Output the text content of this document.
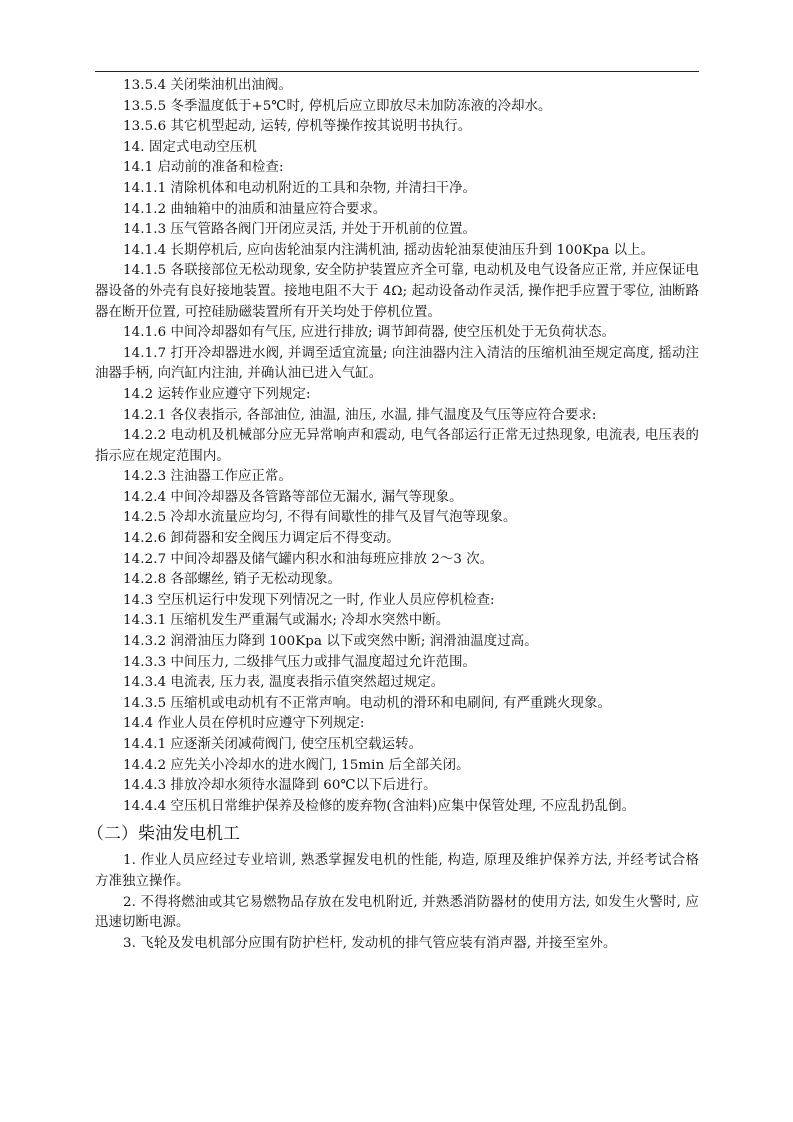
13.5.4 关闭柴油机出油阀。

13.5.5 冬季温度低于+5℃时, 停机后应立即放尽未加防冻液的冷却水。

13.5.6 其它机型起动, 运转, 停机等操作按其说明书执行。

14. 固定式电动空压机

14.1 启动前的准备和检查:

14.1.1 清除机体和电动机附近的工具和杂物, 并清扫干净。

14.1.2 曲轴箱中的油质和油量应符合要求。

14.1.3 压气管路各阀门开闭应灵活, 并处于开机前的位置。

14.1.4 长期停机后, 应向齿轮油泵内注满机油, 摇动齿轮油泵使油压升到 100Kpa 以上。

14.1.5 各联接部位无松动现象, 安全防护装置应齐全可靠, 电动机及电气设备应正常, 并应保证电器设备的外壳有良好接地装置。接地电阻不大于 4Ω; 起动设备动作灵活, 操作把手应置于零位, 油断路器在断开位置, 可控硅励磁装置所有开关均处于停机位置。

14.1.6 中间冷却器如有气压, 应进行排放; 调节卸荷器, 使空压机处于无负荷状态。

14.1.7 打开冷却器进水阀, 并调至适宜流量; 向注油器内注入清洁的压缩机油至规定高度, 摇动注油器手柄, 向汽缸内注油, 并确认油已进入气缸。

14.2 运转作业应遵守下列规定:

14.2.1 各仪表指示, 各部油位, 油温, 油压, 水温, 排气温度及气压等应符合要求:

14.2.2 电动机及机械部分应无异常响声和震动, 电气各部运行正常无过热现象, 电流表, 电压表的指示应在规定范围内。

14.2.3 注油器工作应正常。

14.2.4 中间冷却器及各管路等部位无漏水, 漏气等现象。

14.2.5 冷却水流量应均匀, 不得有间歇性的排气及冒气泡等现象。

14.2.6 卸荷器和安全阀压力调定后不得变动。

14.2.7 中间冷却器及储气罐内积水和油每班应排放 2～3 次。

14.2.8 各部螺丝, 销子无松动现象。

14.3 空压机运行中发现下列情况之一时, 作业人员应停机检查:

14.3.1 压缩机发生严重漏气或漏水; 冷却水突然中断。

14.3.2 润滑油压力降到 100Kpa 以下或突然中断; 润滑油温度过高。

14.3.3 中间压力, 二级排气压力或排气温度超过允许范围。

14.3.4 电流表, 压力表, 温度表指示值突然超过规定。

14.3.5 压缩机或电动机有不正常声响。电动机的滑环和电刷间, 有严重跳火现象。

14.4 作业人员在停机时应遵守下列规定:

14.4.1 应逐渐关闭减荷阀门, 使空压机空载运转。

14.4.2 应先关小冷却水的进水阀门, 15min 后全部关闭。

14.4.3 排放冷却水须待水温降到 60℃以下后进行。

14.4.4 空压机日常维护保养及检修的废弃物(含油料)应集中保管处理, 不应乱扔乱倒。

（二）柴油发电机工

1. 作业人员应经过专业培训, 熟悉掌握发电机的性能, 构造, 原理及维护保养方法, 并经考试合格方准独立操作。

2. 不得将燃油或其它易燃物品存放在发电机附近, 并熟悉消防器材的使用方法, 如发生火警时, 应迅速切断电源。

3. 飞轮及发电机部分应围有防护栏杆, 发动机的排气管应装有消声器, 并接至室外。
